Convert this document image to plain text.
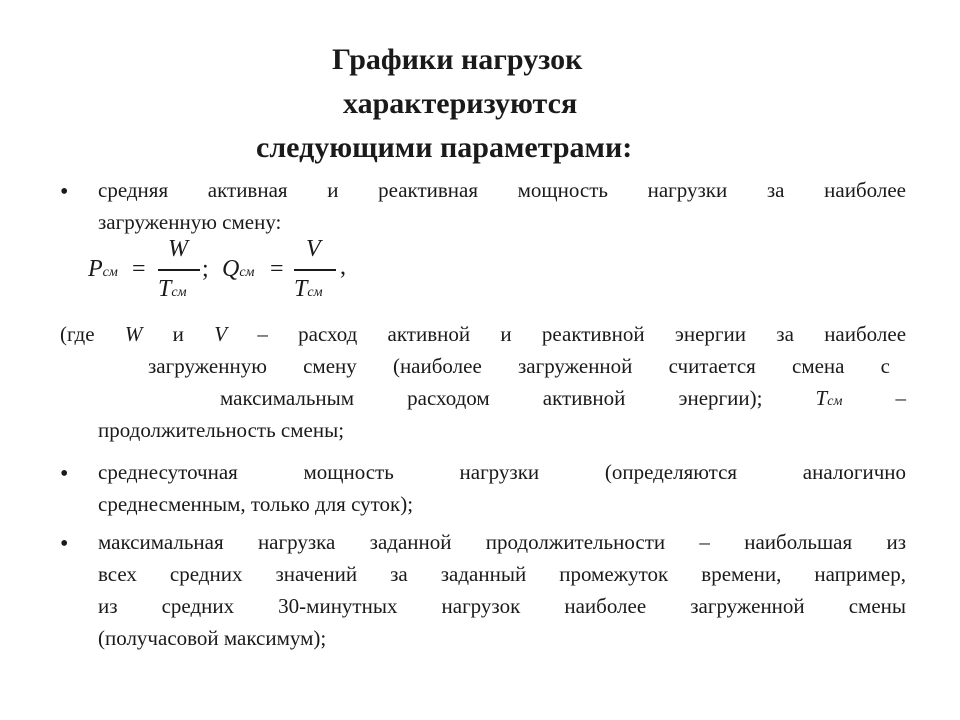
Графики нагрузок
характеризуются
следующими параметрами:
• средняя активная и реактивная мощность нагрузки за наиболее
загруженную смену:
Pсм =
W
Tсм
; Qсм =
V
Tсм
,
(где W и V – расход активной и реактивной энергии за наиболее
загруженную смену (наиболее загруженной считается смена с
максимальным расходом активной энергии);	Tсм	–
продолжительность смены;
• среднесуточная мощность нагрузки (определяются аналогично
среднесменным, только для суток);
• максимальная нагрузка заданной продолжительности – наибольшая из
всех средних значений за заданный промежуток времени, например,
из средних 30-минутных нагрузок наиболее загруженной смены
(получасовой максимум);
